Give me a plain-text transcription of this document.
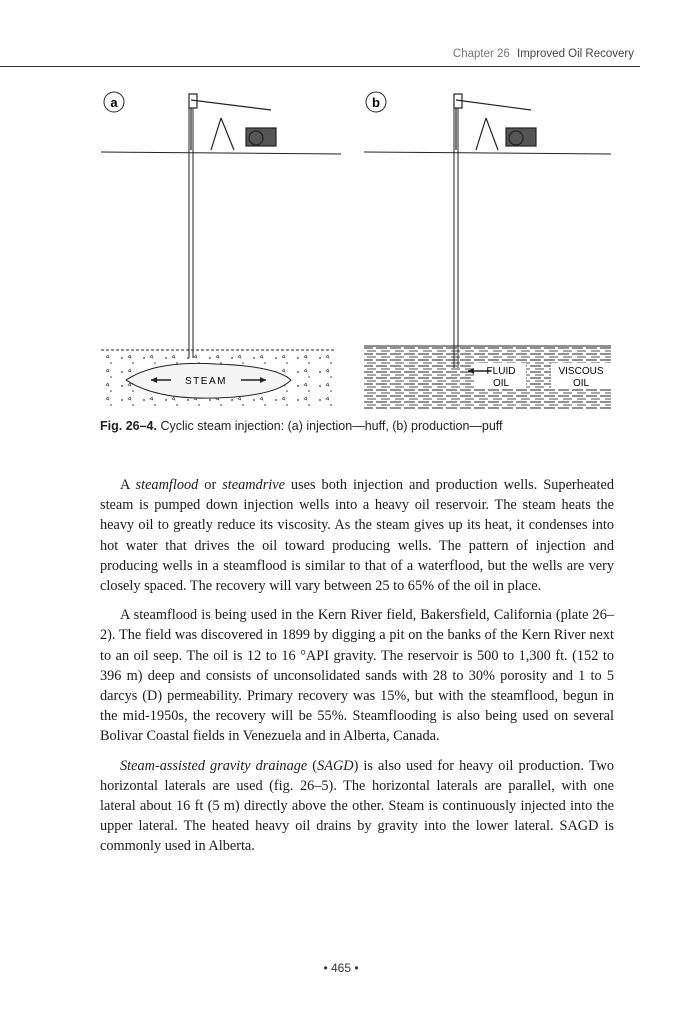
Chapter 26 Improved Oil Recovery
a
STEAM
b
FLUID
OIL
VISCOUS
OIL
Fig. 26–4. Cyclic steam injection: (a) injection—huff, (b) production—puff

A steamflood or steamdrive uses both injection and production wells. Superheated steam is pumped down injection wells into a heavy oil reservoir. The steam heats the heavy oil to greatly reduce its viscosity. As the steam gives up its heat, it condenses into hot water that drives the oil toward producing wells. The pattern of injection and producing wells in a steamflood is similar to that of a waterflood, but the wells are very closely spaced. The recovery will vary between 25 to 65% of the oil in place.

A steamflood is being used in the Kern River field, Bakersfield, California (plate 26–2). The field was discovered in 1899 by digging a pit on the banks of the Kern River next to an oil seep. The oil is 12 to 16 °API gravity. The reservoir is 500 to 1,300 ft. (152 to 396 m) deep and consists of unconsolidated sands with 28 to 30% porosity and 1 to 5 darcys (D) permeability. Primary recovery was 15%, but with the steamflood, begun in the mid-1950s, the recovery will be 55%. Steamflooding is also being used on several Bolivar Coastal fields in Venezuela and in Alberta, Canada.

Steam-assisted gravity drainage (SAGD) is also used for heavy oil production. Two horizontal laterals are used (fig. 26–5). The horizontal laterals are parallel, with one lateral about 16 ft (5 m) directly above the other. Steam is continuously injected into the upper lateral. The heated heavy oil drains by gravity into the lower lateral. SAGD is commonly used in Alberta.

• 465 •
